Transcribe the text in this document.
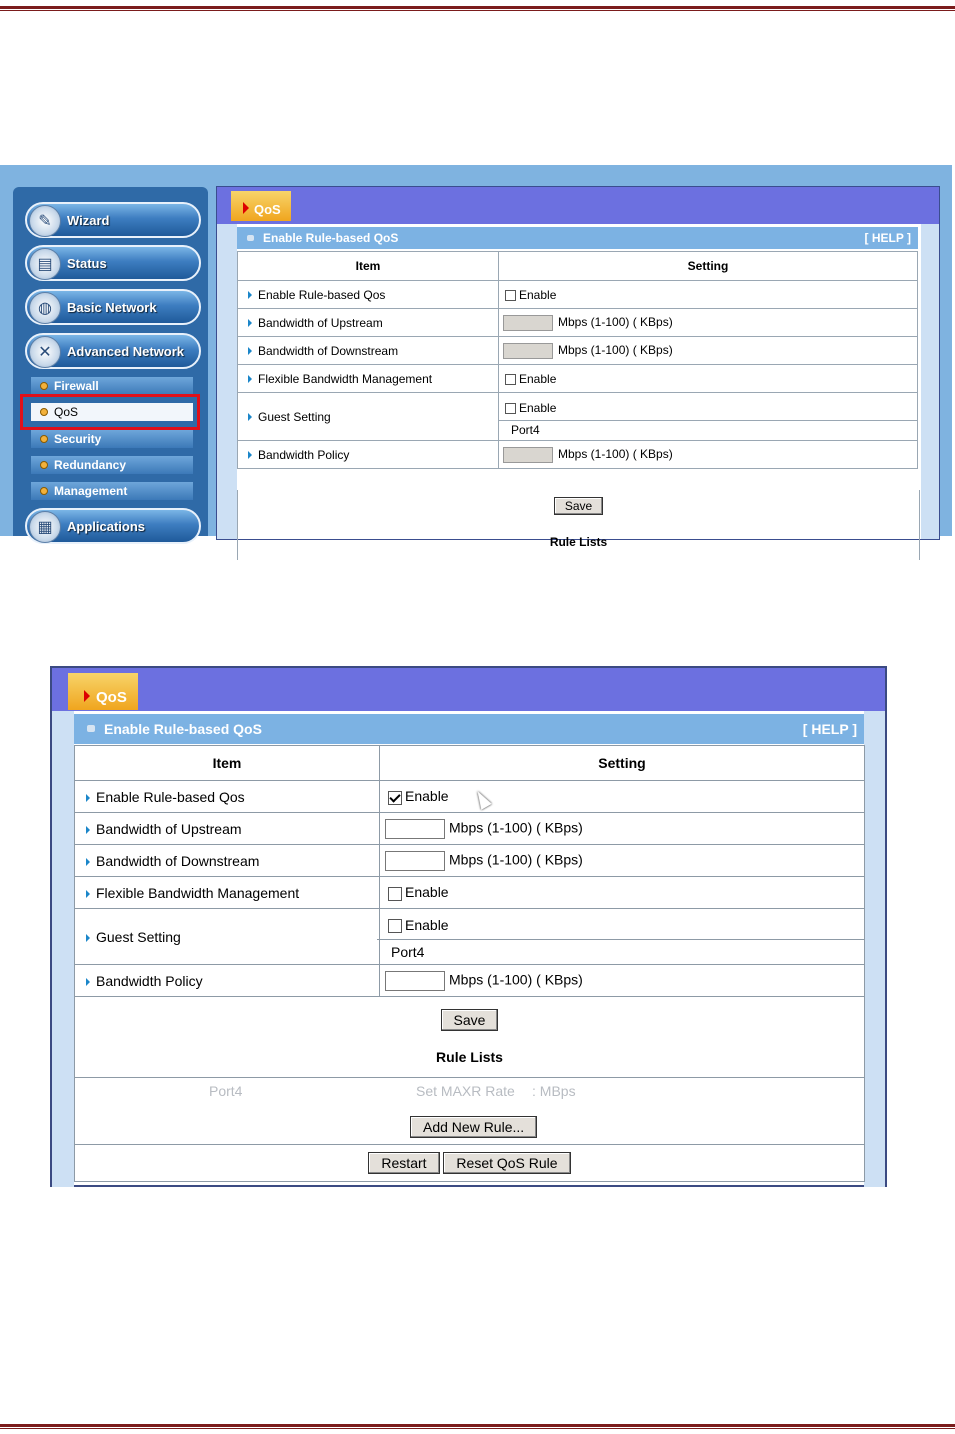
✎	Wizard
▤	Status
◍	Basic Network
✕	Advanced Network
Firewall
QoS
Security
Redundancy
Management
▦	Applications
QoS
Enable Rule-based QoS	[ HELP ]
Item	Setting
Enable Rule-based Qos	Enable
Bandwidth of Upstream	Mbps (1-100) ( KBps)
Bandwidth of Downstream	Mbps (1-100) ( KBps)
Flexible Bandwidth Management	Enable
Guest Setting	Enable
Port4

Bandwidth Policy	Mbps (1-100) ( KBps)
Save
Rule Lists
QoS
Enable Rule-based QoS	[ HELP ]
Item	Setting
Enable Rule-based Qos	Enable
Bandwidth of Upstream	Mbps (1-100) ( KBps)
Bandwidth of Downstream	Mbps (1-100) ( KBps)
Flexible Bandwidth Management	Enable
Guest Setting	Enable
Port4

Bandwidth Policy	Mbps (1-100) ( KBps)

Save
Rule Lists	

Port4 Set MAXR Rate : MBps
Add New Rule...	

Restart Reset QoS Rule	
